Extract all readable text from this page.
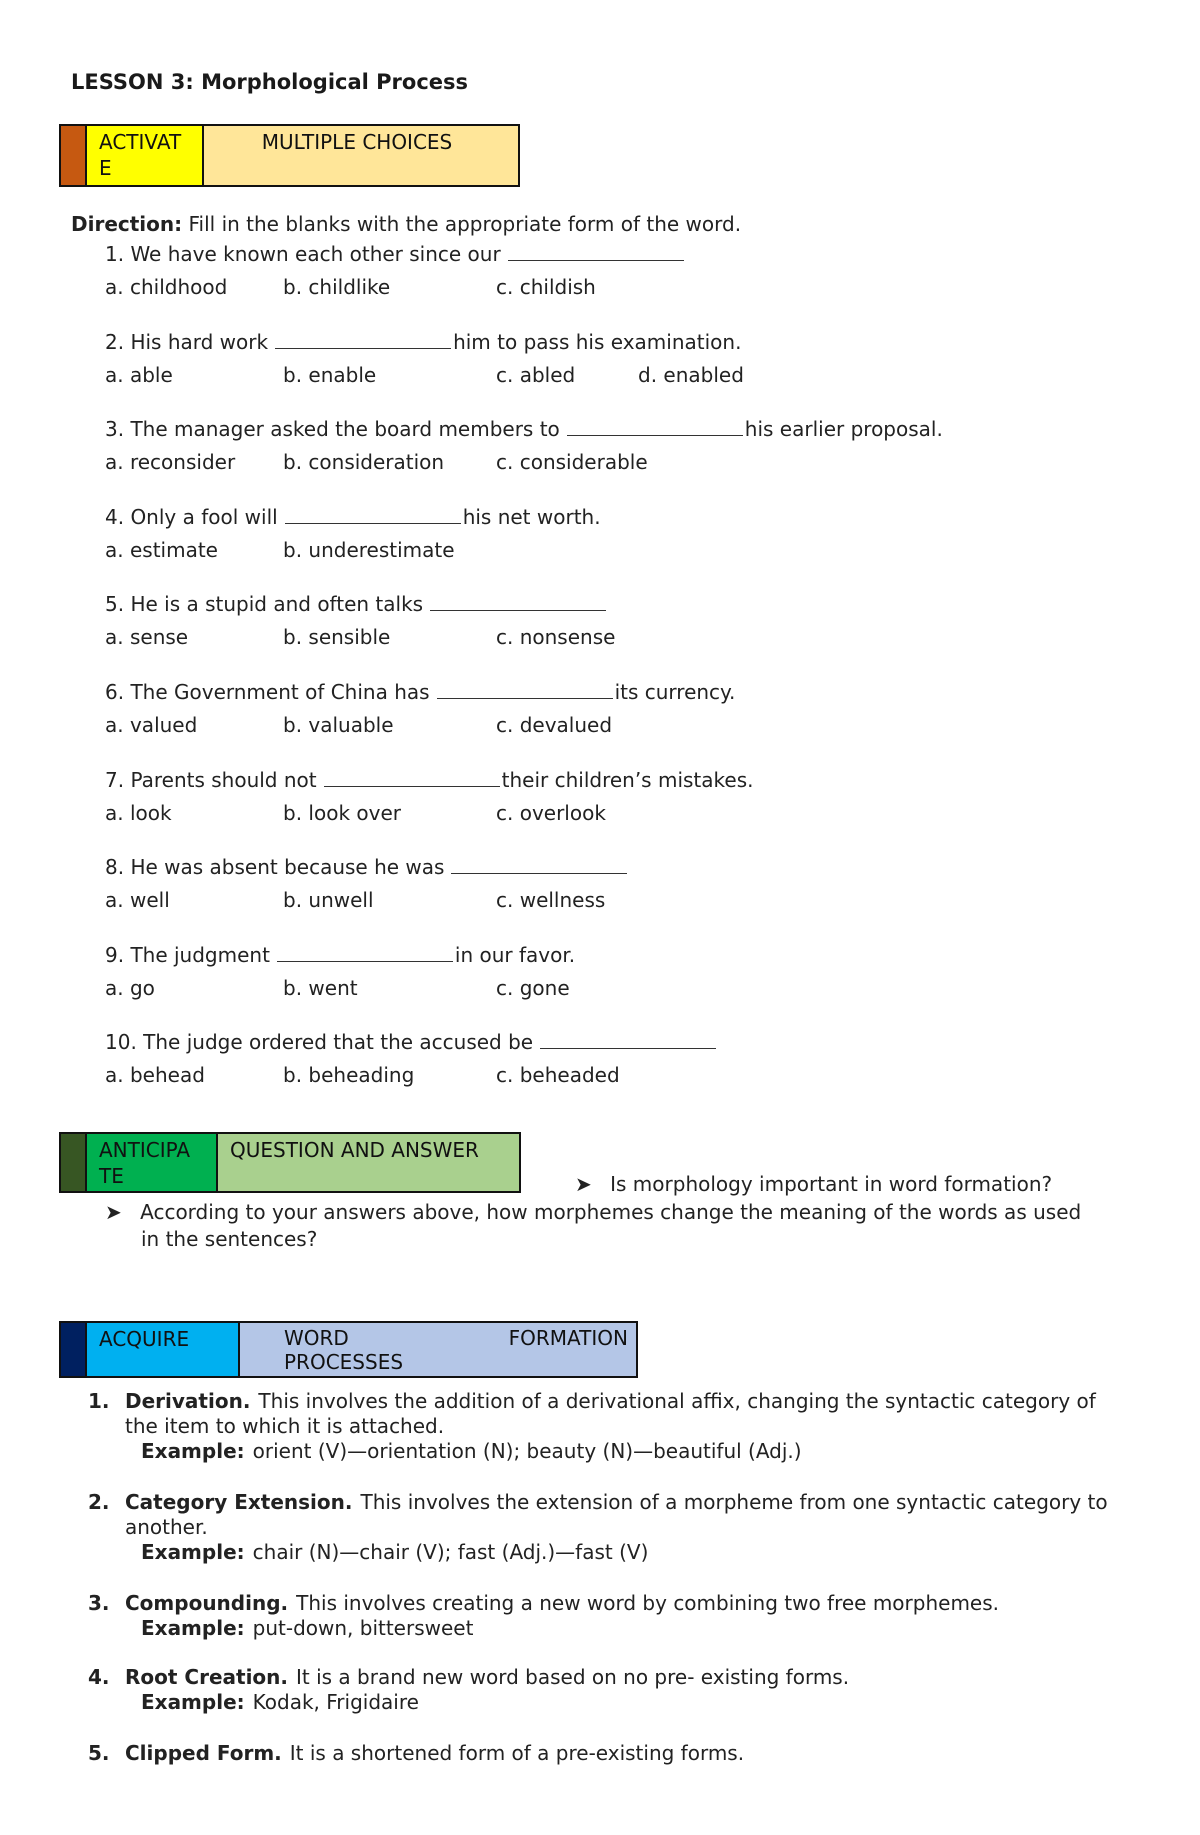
LESSON 3: Morphological Process
ACTIVAT
E
MULTIPLE CHOICES
Direction: Fill in the blanks with the appropriate form of the word.
1. We have known each other since our
a. childhood	b. childlike	c. childish
2. His hard work	him to pass his examination.
a. able	b. enable	c. abled	d. enabled
3. The manager asked the board members to	his earlier proposal.
a. reconsider b. consideration	c. considerable
4. Only a fool will	his net worth.
a. estimate	b. underestimate
5. He is a stupid and often talks
a. sense	b. sensible	c. nonsense
6. The Government of China has	its currency.
a. valued	b. valuable	c. devalued
7. Parents should not	their children’s mistakes.
a. look	b. look over	c. overlook
8. He was absent because he was
a. well	b. unwell	c. wellness
9. The judgment	in our favor.
a. go	b. went	c. gone
10. The judge ordered that the accused be
a. behead	b. beheading	c. beheaded
ANTICIPA
TE
QUESTION AND ANSWER
➤ Is morphology important in word formation?
➤ According to your answers above, how morphemes change the meaning of the words as used
in the sentences?
ACQUIRE	WORD	FORMATION
PROCESSES
1. Derivation. This involves the addition of a derivational affix, changing the syntactic category of the item to which it is attached.
Example: orient (V)—orientation (N); beauty (N)—beautiful (Adj.)
2. Category Extension. This involves the extension of a morpheme from one syntactic category to another.
Example: chair (N)—chair (V); fast (Adj.)—fast (V)
3. Compounding. This involves creating a new word by combining two free morphemes.
Example: put-down, bittersweet
4. Root Creation. It is a brand new word based on no pre- existing forms.
Example: Kodak, Frigidaire
5. Clipped Form. It is a shortened form of a pre-existing forms.
